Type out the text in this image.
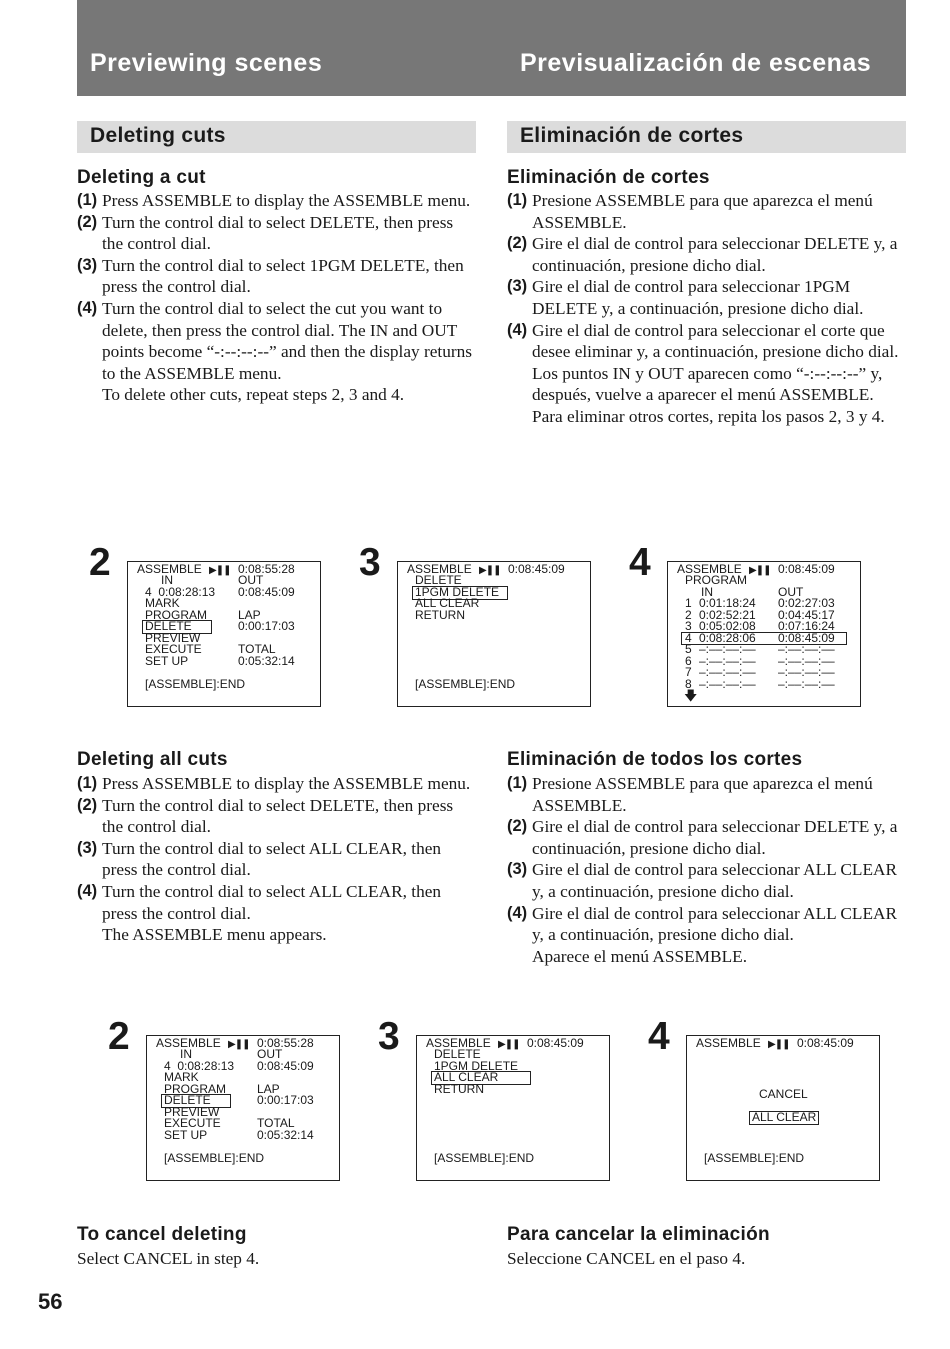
Previewing scenes	Previsualización de escenas
Deleting cuts	Eliminación de cortes
Deleting a cut
(1) Press ASSEMBLE to display the ASSEMBLE menu.
(2) Turn the control dial to select DELETE, then press the control dial.
(3) Turn the control dial to select 1PGM DELETE, then press the control dial.
(4) Turn the control dial to select the cut you want to delete, then press the control dial. The IN and OUT points become “-:--:--:--” and then the display returns to the ASSEMBLE menu.
To delete other cuts, repeat steps 2, 3 and 4.
Eliminación de cortes
(1) Presione ASSEMBLE para que aparezca el menú ASSEMBLE.
(2) Gire el dial de control para seleccionar DELETE y, a continuación, presione dicho dial.
(3) Gire el dial de control para seleccionar 1PGM DELETE y, a continuación, presione dicho dial.
(4) Gire el dial de control para seleccionar el corte que desee eliminar y, a continuación, presione dicho dial.
Los puntos IN y OUT aparecen como “-:--:--:--” y, después, vuelve a aparecer el menú ASSEMBLE. Para eliminar otros cortes, repita los pasos 2, 3 y 4.
2 ASSEMBLE ▶❚❚ 0:08:55:28
IN	OUT
4  0:08:28:13 0:08:45:09
MARK
PROGRAM	LAP
DELETE	0:00:17:03
PREVIEW
EXECUTE	TOTAL
SET UP	0:05:32:14
[ASSEMBLE]:END
3 ASSEMBLE ▶❚❚ 0:08:45:09
DELETE
1PGM DELETE
ALL CLEAR
RETURN
[ASSEMBLE]:END
4 ASSEMBLE ▶❚❚ 0:08:45:09
PROGRAM
IN	OUT
1 0:01:18:24 0:02:27:03
2 0:02:52:21 0:04:45:17
3 0:05:02:08 0:07:16:24
4 0:08:28:06 0:08:45:09
5 –:––:––:–– –:––:––:––
6 –:––:––:–– –:––:––:––
7 –:––:––:–– –:––:––:––
8 –:––:––:–– –:––:––:––
🡇
Deleting all cuts
(1) Press ASSEMBLE to display the ASSEMBLE menu.
(2) Turn the control dial to select DELETE, then press the control dial.
(3) Turn the control dial to select ALL CLEAR, then press the control dial.
(4) Turn the control dial to select ALL CLEAR, then press the control dial.
The ASSEMBLE menu appears.
Eliminación de todos los cortes
(1) Presione ASSEMBLE para que aparezca el menú ASSEMBLE.
(2) Gire el dial de control para seleccionar DELETE y, a continuación, presione dicho dial.
(3) Gire el dial de control para seleccionar ALL CLEAR y, a continuación, presione dicho dial.
(4) Gire el dial de control para seleccionar ALL CLEAR y, a continuación, presione dicho dial.
Aparece el menú ASSEMBLE.
2 ASSEMBLE ▶❚❚ 0:08:55:28
IN	OUT
4  0:08:28:13 0:08:45:09
MARK
PROGRAM	LAP
DELETE	0:00:17:03
PREVIEW
EXECUTE	TOTAL
SET UP	0:05:32:14
[ASSEMBLE]:END
3 ASSEMBLE ▶❚❚ 0:08:45:09
DELETE
1PGM DELETE
ALL CLEAR
RETURN
[ASSEMBLE]:END
4 ASSEMBLE ▶❚❚ 0:08:45:09
CANCEL
ALL CLEAR
[ASSEMBLE]:END
To cancel deleting
Select CANCEL in step 4.
Para cancelar la eliminación
Seleccione CANCEL en el paso 4.
56
